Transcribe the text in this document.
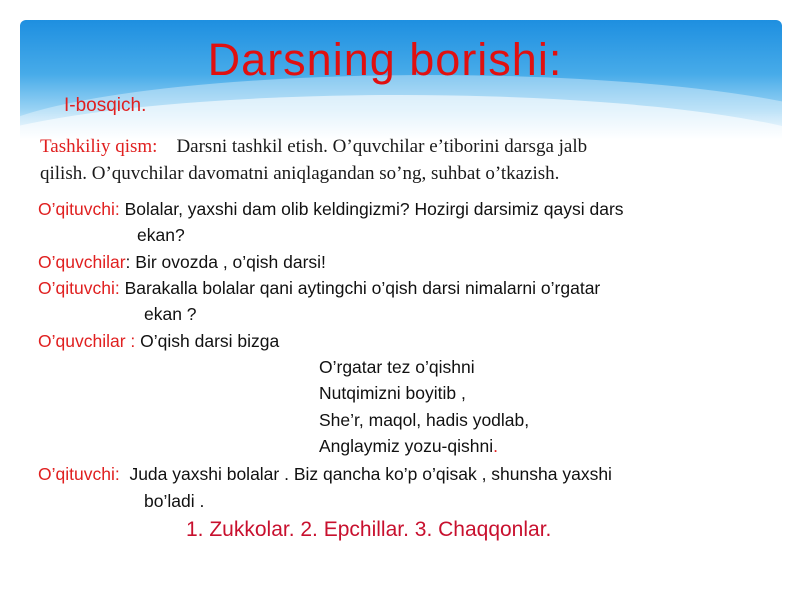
Darsning borishi:
I-bosqich.
Tashkiliy qism: Darsni tashkil etish. O’quvchilar e’tiborini darsga jalb
qilish. O’quvchilar davomatni aniqlagandan so’ng, suhbat o’tkazish.
O’qituvchi: Bolalar, yaxshi dam olib keldingizmi? Hozirgi darsimiz qaysi dars
ekan?
O’quvchilar: Bir ovozda , o’qish darsi!
O’qituvchi: Barakalla bolalar qani aytingchi o’qish darsi nimalarni o’rgatar
ekan ?
O’quvchilar : O’qish darsi bizga
O’rgatar tez o’qishni
Nutqimizni boyitib ,
She’r, maqol, hadis yodlab,
Anglaymiz yozu-qishni.
O’qituvchi: Juda yaxshi bolalar . Biz qancha ko’p o’qisak , shunsha yaxshi
bo’ladi .
1. Zukkolar. 2. Epchillar. 3. Chaqqonlar.
